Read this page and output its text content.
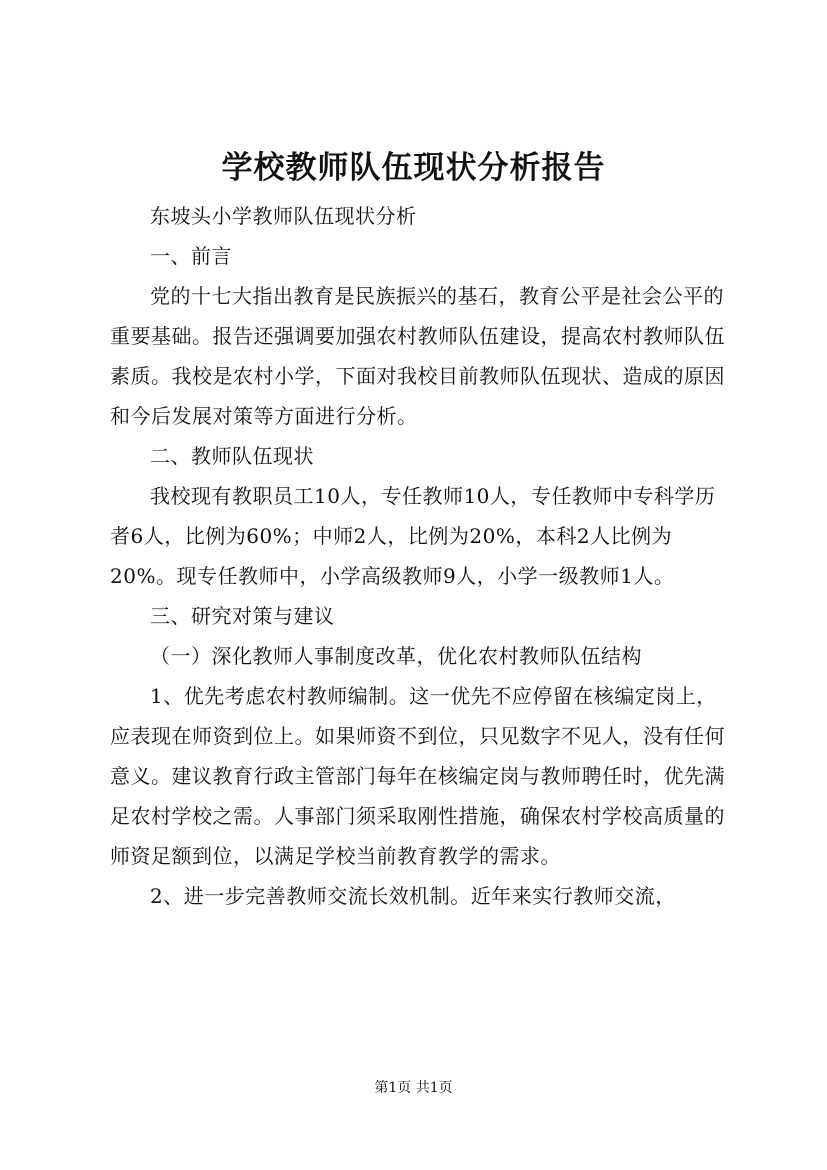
学校教师队伍现状分析报告

东坡头小学教师队伍现状分析

一、前言

党的十七大指出教育是民族振兴的基石，教育公平是社会公平的重要基础。报告还强调要加强农村教师队伍建设，提高农村教师队伍素质。我校是农村小学，下面对我校目前教师队伍现状、造成的原因和今后发展对策等方面进行分析。

二、教师队伍现状

我校现有教职员工10人，专任教师10人，专任教师中专科学历者6人，比例为60%；中师2人，比例为20%，本科2人比例为20%。现专任教师中，小学高级教师9人，小学一级教师1人。

三、研究对策与建议

（一）深化教师人事制度改革，优化农村教师队伍结构

1、优先考虑农村教师编制。这一优先不应停留在核编定岗上，应表现在师资到位上。如果师资不到位，只见数字不见人，没有任何意义。建议教育行政主管部门每年在核编定岗与教师聘任时，优先满足农村学校之需。人事部门须采取刚性措施，确保农村学校高质量的师资足额到位，以满足学校当前教育教学的需求。

2、进一步完善教师交流长效机制。近年来实行教师交流，

第1页 共1页
